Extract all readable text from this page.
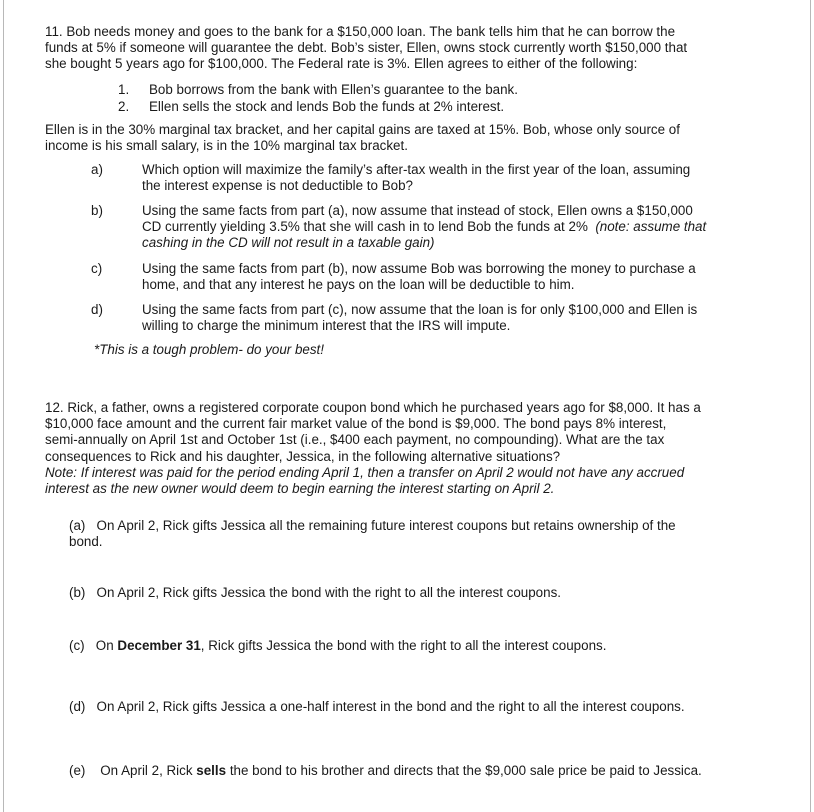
11. Bob needs money and goes to the bank for a $150,000 loan. The bank tells him that he can borrow the
funds at 5% if someone will guarantee the debt. Bob’s sister, Ellen, owns stock currently worth $150,000 that
she bought 5 years ago for $100,000. The Federal rate is 3%. Ellen agrees to either of the following:
1.	Bob borrows from the bank with Ellen’s guarantee to the bank.
2.	Ellen sells the stock and lends Bob the funds at 2% interest.
Ellen is in the 30% marginal tax bracket, and her capital gains are taxed at 15%. Bob, whose only source of
income is his small salary, is in the 10% marginal tax bracket.
a)	Which option will maximize the family’s after-tax wealth in the first year of the loan, assuming
the interest expense is not deductible to Bob?
b)	Using the same facts from part (a), now assume that instead of stock, Ellen owns a $150,000
CD currently yielding 3.5% that she will cash in to lend Bob the funds at 2% (note: assume that
cashing in the CD will not result in a taxable gain)
c)	Using the same facts from part (b), now assume Bob was borrowing the money to purchase a
home, and that any interest he pays on the loan will be deductible to him.
d)	Using the same facts from part (c), now assume that the loan is for only $100,000 and Ellen is
willing to charge the minimum interest that the IRS will impute.
*This is a tough problem- do your best!
12. Rick, a father, owns a registered corporate coupon bond which he purchased years ago for $8,000. It has a
$10,000 face amount and the current fair market value of the bond is $9,000. The bond pays 8% interest,
semi-annually on April 1st and October 1st (i.e., $400 each payment, no compounding). What are the tax
consequences to Rick and his daughter, Jessica, in the following alternative situations?
Note: If interest was paid for the period ending April 1, then a transfer on April 2 would not have any accrued
interest as the new owner would deem to begin earning the interest starting on April 2.
(a) On April 2, Rick gifts Jessica all the remaining future interest coupons but retains ownership of the
bond.
(b) On April 2, Rick gifts Jessica the bond with the right to all the interest coupons.
(c) On December 31, Rick gifts Jessica the bond with the right to all the interest coupons.
(d) On April 2, Rick gifts Jessica a one-half interest in the bond and the right to all the interest coupons.
(e) On April 2, Rick sells the bond to his brother and directs that the $9,000 sale price be paid to Jessica.
